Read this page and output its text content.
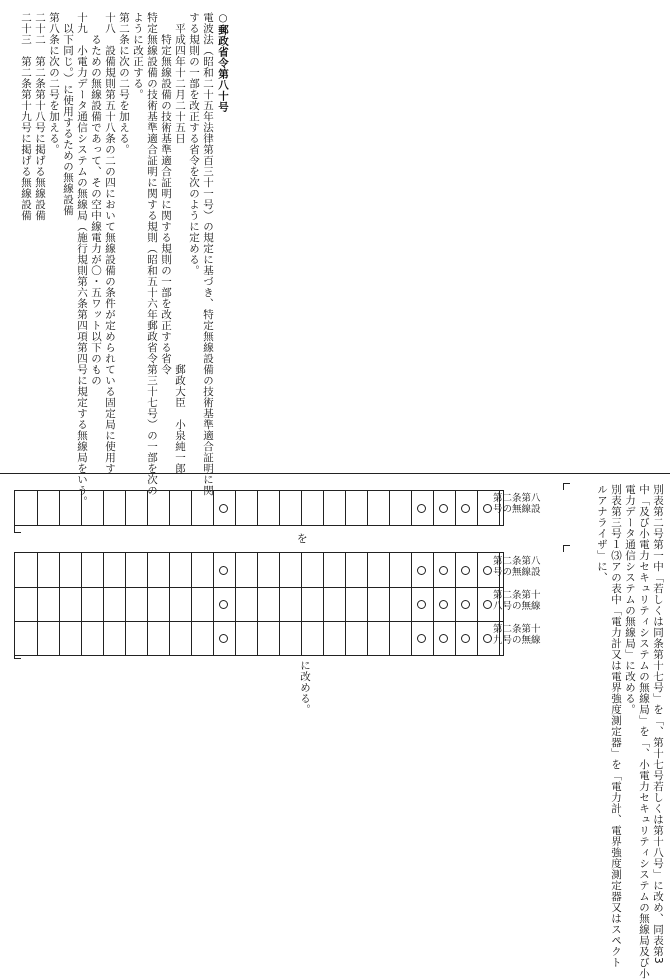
○郵政省令第八十号
電波法（昭和二十五年法律第百三十一号）の規定に基づき、特定無線設備の技術基準適合証明に関
する規則の一部を改正する省令を次のように定める。
　平成四年十二月二十五日　　　　　　　　　　　　　　　　　　　　郵政大臣　小泉純一郎
　　特定無線設備の技術基準適合証明に関する規則の一部を改正する省令
特定無線設備の技術基準適合証明に関する規則（昭和五十六年郵政省令第三十七号）の一部を次の
ように改正する。
第二条に次の二号を加える。
十八　設備規則第五十八条の二の四において無線設備の条件が定められている固定局に使用す
　　るための無線設備であって、その空中線電力が〇・五ワット以下のもの
十九　小電力データ通信システムの無線局（施行規則第六条第四項第四号に規定する無線局をいう。
　以下同じ。）に使用するための無線設備
第八条に次の二号を加える。
二十二　第二条第十八号に掲げる無線設備
二十三　第二条第十九号に掲げる無線設備
別表第二号第一中「若しくは同条第十七号」を「、第十七号若しくは第十八号」に改め、同表第3
中「及び小電力セキュリティシステムの無線局」を「、小電力セキュリティシステムの無線局及び小
電力データ通信システムの無線局」に改める。
別表第三号１⑶アの表中「電力計又は電界強度測定器」を「電力計、電界強度測定器又はスペクト
ルアナライザ」に、
第二条第八
号の無線設
を
第二条第八
号の無線設
第二条第十
八号の無線
第二条第十
九号の無線
に改める。
